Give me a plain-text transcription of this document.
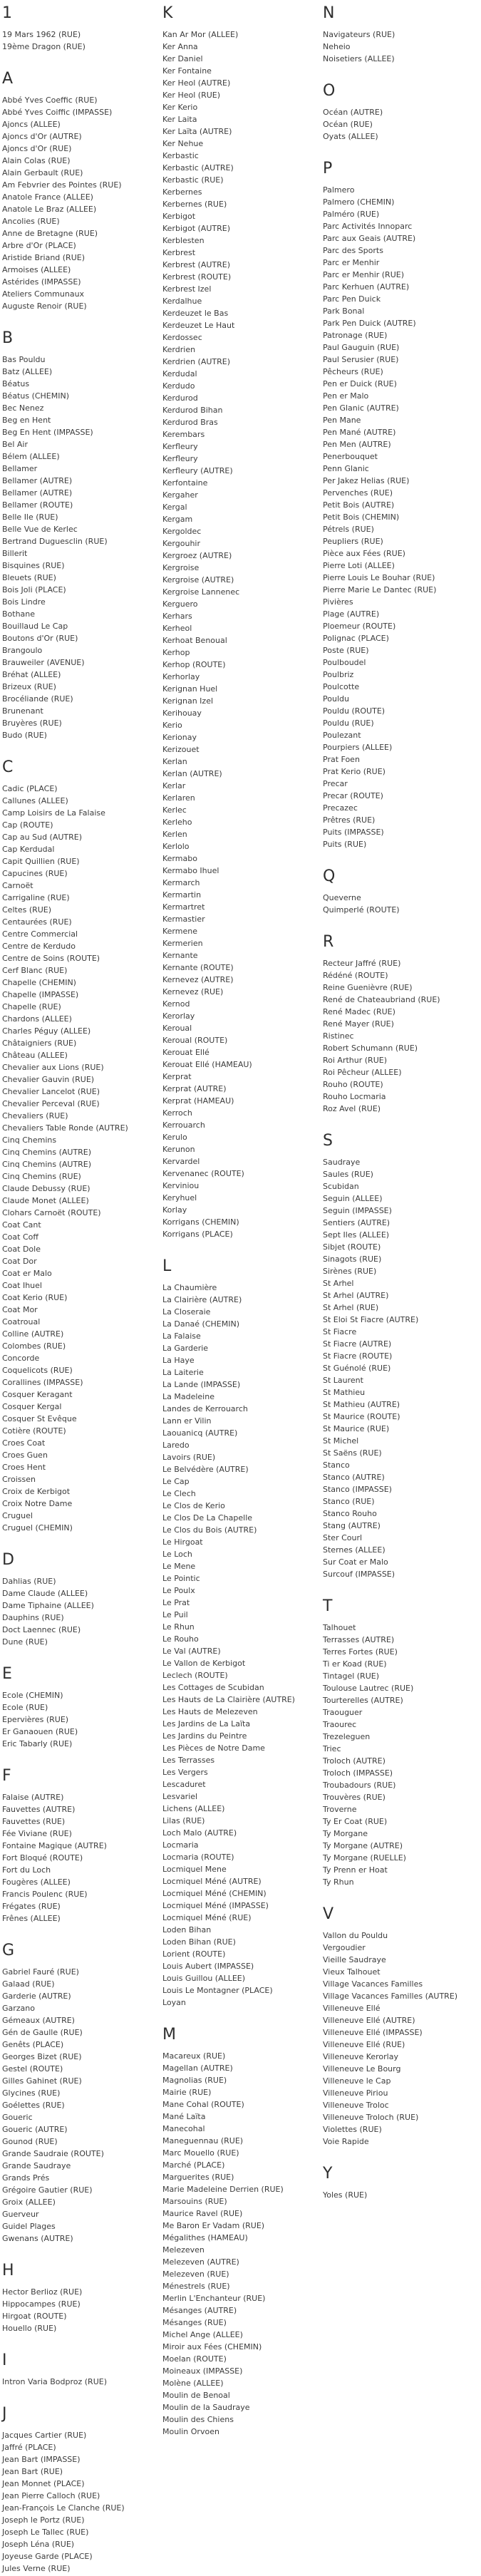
1
19 Mars 1962 (RUE)
19ème Dragon (RUE)
A
Abbé Yves Coeffic (RUE)
Abbé Yves Coiffic (IMPASSE)
Ajoncs (ALLEE)
Ajoncs d'Or (AUTRE)
Ajoncs d'Or (RUE)
Alain Colas (RUE)
Alain Gerbault (RUE)
Am Febvrier des Pointes (RUE)
Anatole France (ALLEE)
Anatole Le Braz (ALLEE)
Ancolies (RUE)
Anne de Bretagne (RUE)
Arbre d'Or (PLACE)
Aristide Briand (RUE)
Armoises (ALLEE)
Astérides (IMPASSE)
Ateliers Communaux
Auguste Renoir (RUE)
B
Bas Pouldu
Batz (ALLEE)
Béatus
Béatus (CHEMIN)
Bec Nenez
Beg en Hent
Beg En Hent (IMPASSE)
Bel Air
Bélem (ALLEE)
Bellamer
Bellamer (AUTRE)
Bellamer (AUTRE)
Bellamer (ROUTE)
Belle Ile (RUE)
Belle Vue de Kerlec
Bertrand Duguesclin (RUE)
Billerit
Bisquines (RUE)
Bleuets (RUE)
Bois Joli (PLACE)
Bois Lindre
Bothane
Bouillaud Le Cap
Boutons d'Or (RUE)
Brangoulo
Brauweiler (AVENUE)
Bréhat (ALLEE)
Brizeux (RUE)
Brocéliande (RUE)
Brunenant
Bruyères (RUE)
Budo (RUE)
C
Cadic (PLACE)
Callunes (ALLEE)
Camp Loisirs de La Falaise
Cap (ROUTE)
Cap au Sud (AUTRE)
Cap Kerdudal
Capit Quillien (RUE)
Capucines (RUE)
Carnoët
Carrigaline (RUE)
Celtes (RUE)
Centaurées (RUE)
Centre Commercial
Centre de Kerdudo
Centre de Soins (ROUTE)
Cerf Blanc (RUE)
Chapelle (CHEMIN)
Chapelle (IMPASSE)
Chapelle (RUE)
Chardons (ALLEE)
Charles Péguy (ALLEE)
Châtaigniers (RUE)
Château (ALLEE)
Chevalier aux Lions (RUE)
Chevalier Gauvin (RUE)
Chevalier Lancelot (RUE)
Chevalier Perceval (RUE)
Chevaliers (RUE)
Chevaliers Table Ronde (AUTRE)
Cinq Chemins
Cinq Chemins (AUTRE)
Cinq Chemins (AUTRE)
Cinq Chemins (RUE)
Claude Debussy (RUE)
Claude Monet (ALLEE)
Clohars Carnoët (ROUTE)
Coat Cant
Coat Coff
Coat Dole
Coat Dor
Coat er Malo
Coat Ihuel
Coat Kerio (RUE)
Coat Mor
Coatroual
Colline (AUTRE)
Colombes (RUE)
Concorde
Coquelicots (RUE)
Corallines (IMPASSE)
Cosquer Keragant
Cosquer Kergal
Cosquer St Evêque
Cotière (ROUTE)
Croes Coat
Croes Guen
Croes Hent
Croissen
Croix de Kerbigot
Croix Notre Dame
Cruguel
Cruguel (CHEMIN)
D
Dahlias (RUE)
Dame Claude (ALLEE)
Dame Tiphaine (ALLEE)
Dauphins (RUE)
Doct Laennec (RUE)
Dune (RUE)
E
Ecole (CHEMIN)
Ecole (RUE)
Epervières (RUE)
Er Ganaouen (RUE)
Eric Tabarly (RUE)
F
Falaise (AUTRE)
Fauvettes (AUTRE)
Fauvettes (RUE)
Fée Viviane (RUE)
Fontaine Magique (AUTRE)
Fort Bloqué (ROUTE)
Fort du Loch
Fougères (ALLEE)
Francis Poulenc (RUE)
Frégates (RUE)
Frênes (ALLEE)
G
Gabriel Fauré (RUE)
Galaad (RUE)
Garderie (AUTRE)
Garzano
Gémeaux (AUTRE)
Gén de Gaulle (RUE)
Genêts (PLACE)
Georges Bizet (RUE)
Gestel (ROUTE)
Gilles Gahinet (RUE)
Glycines (RUE)
Goélettes (RUE)
Goueric
Goueric (AUTRE)
Gounod (RUE)
Grande Saudraie (ROUTE)
Grande Saudraye
Grands Prés
Grégoire Gautier (RUE)
Groix (ALLEE)
Guerveur
Guidel Plages
Gwenans (AUTRE)
H
Hector Berlioz (RUE)
Hippocampes (RUE)
Hirgoat (ROUTE)
Houello (RUE)
I
Intron Varia Bodproz (RUE)
J
Jacques Cartier (RUE)
Jaffré (PLACE)
Jean Bart (IMPASSE)
Jean Bart (RUE)
Jean Monnet (PLACE)
Jean Pierre Calloch (RUE)
Jean-François Le Clanche (RUE)
Joseph le Portz (RUE)
Joseph Le Tallec (RUE)
Joseph Léna (RUE)
Joyeuse Garde (PLACE)
Jules Verne (RUE)
K
Kan Ar Mor (ALLEE)
Ker Anna
Ker Daniel
Ker Fontaine
Ker Heol (AUTRE)
Ker Heol (RUE)
Ker Kerio
Ker Laita
Ker Laïta (AUTRE)
Ker Nehue
Kerbastic
Kerbastic (AUTRE)
Kerbastic (RUE)
Kerbernes
Kerbernes (RUE)
Kerbigot
Kerbigot (AUTRE)
Kerblesten
Kerbrest
Kerbrest (AUTRE)
Kerbrest (ROUTE)
Kerbrest Izel
Kerdalhue
Kerdeuzet le Bas
Kerdeuzet Le Haut
Kerdossec
Kerdrien
Kerdrien (AUTRE)
Kerdudal
Kerdudo
Kerdurod
Kerdurod Bihan
Kerdurod Bras
Kerembars
Kerfleury
Kerfleury
Kerfleury (AUTRE)
Kerfontaine
Kergaher
Kergal
Kergam
Kergoldec
Kergouhir
Kergroez (AUTRE)
Kergroise
Kergroise (AUTRE)
Kergroise Lannenec
Kerguero
Kerhars
Kerheol
Kerhoat Benoual
Kerhop
Kerhop (ROUTE)
Kerhorlay
Kerignan Huel
Kerignan Izel
Kerihouay
Kerio
Kerionay
Kerizouet
Kerlan
Kerlan (AUTRE)
Kerlar
Kerlaren
Kerlec
Kerleho
Kerlen
Kerlolo
Kermabo
Kermabo Ihuel
Kermarch
Kermartin
Kermartret
Kermastier
Kermene
Kermerien
Kernante
Kernante (ROUTE)
Kernevez (AUTRE)
Kernevez (RUE)
Kernod
Kerorlay
Keroual
Keroual (ROUTE)
Kerouat Ellé
Kerouat Ellé (HAMEAU)
Kerprat
Kerprat (AUTRE)
Kerprat (HAMEAU)
Kerroch
Kerrouarch
Kerulo
Kerunon
Kervardel
Kervenanec (ROUTE)
Kerviniou
Keryhuel
Korlay
Korrigans (CHEMIN)
Korrigans (PLACE)
L
La Chaumière
La Clairière (AUTRE)
La Closeraie
La Danaé (CHEMIN)
La Falaise
La Garderie
La Haye
La Laiterie
La Lande (IMPASSE)
La Madeleine
Landes de Kerrouarch
Lann er Vilin
Laouanicq (AUTRE)
Laredo
Lavoirs (RUE)
Le Belvédère (AUTRE)
Le Cap
Le Clech
Le Clos de Kerio
Le Clos De La Chapelle
Le Clos du Bois (AUTRE)
Le Hirgoat
Le Loch
Le Mene
Le Pointic
Le Poulx
Le Prat
Le Puil
Le Rhun
Le Rouho
Le Val (AUTRE)
Le Vallon de Kerbigot
Leclech (ROUTE)
Les Cottages de Scubidan
Les Hauts de La Clairière (AUTRE)
Les Hauts de Melezeven
Les Jardins de La Laïta
Les Jardins du Peintre
Les Pièces de Notre Dame
Les Terrasses
Les Vergers
Lescaduret
Lesvariel
Lichens (ALLEE)
Lilas (RUE)
Loch Malo (AUTRE)
Locmaria
Locmaria (ROUTE)
Locmiquel Mene
Locmiquel Méné (AUTRE)
Locmiquel Méné (CHEMIN)
Locmiquel Méné (IMPASSE)
Locmiquel Méné (RUE)
Loden Bihan
Loden Bihan (RUE)
Lorient (ROUTE)
Louis Aubert (IMPASSE)
Louis Guillou (ALLEE)
Louis Le Montagner (PLACE)
Loyan
M
Macareux (RUE)
Magellan (AUTRE)
Magnolias (RUE)
Mairie (RUE)
Mane Cohal (ROUTE)
Mané Laïta
Manecohal
Maneguennau (RUE)
Marc Mouello (RUE)
Marché (PLACE)
Marguerites (RUE)
Marie Madeleine Derrien (RUE)
Marsouins (RUE)
Maurice Ravel (RUE)
Me Baron Er Vadam (RUE)
Mégalithes (HAMEAU)
Melezeven
Melezeven (AUTRE)
Melezeven (RUE)
Ménestrels (RUE)
Merlin L'Enchanteur (RUE)
Mésanges (AUTRE)
Mésanges (RUE)
Michel Ange (ALLEE)
Miroir aux Fées (CHEMIN)
Moelan (ROUTE)
Moineaux (IMPASSE)
Molène (ALLEE)
Moulin de Benoal
Moulin de la Saudraye
Moulin des Chiens
Moulin Orvoen
N
Navigateurs (RUE)
Neheio
Noisetiers (ALLEE)
O
Océan (AUTRE)
Océan (RUE)
Oyats (ALLEE)
P
Palmero
Palmero (CHEMIN)
Palméro (RUE)
Parc Activités Innoparc
Parc aux Geais (AUTRE)
Parc des Sports
Parc er Menhir
Parc er Menhir (RUE)
Parc Kerhuen (AUTRE)
Parc Pen Duick
Park Bonal
Park Pen Duick (AUTRE)
Patronage (RUE)
Paul Gauguin (RUE)
Paul Serusier (RUE)
Pêcheurs (RUE)
Pen er Duick (RUE)
Pen er Malo
Pen Glanic (AUTRE)
Pen Mane
Pen Mané (AUTRE)
Pen Men (AUTRE)
Penerbouquet
Penn Glanic
Per Jakez Helias (RUE)
Pervenches (RUE)
Petit Bois (AUTRE)
Petit Bois (CHEMIN)
Pétrels (RUE)
Peupliers (RUE)
Pièce aux Fées (RUE)
Pierre Loti (ALLEE)
Pierre Louis Le Bouhar (RUE)
Pierre Marie Le Dantec (RUE)
Pivières
Plage (AUTRE)
Ploemeur (ROUTE)
Polignac (PLACE)
Poste (RUE)
Poulboudel
Poulbriz
Poulcotte
Pouldu
Pouldu (ROUTE)
Pouldu (RUE)
Poulezant
Pourpiers (ALLEE)
Prat Foen
Prat Kerio (RUE)
Precar
Precar (ROUTE)
Precazec
Prêtres (RUE)
Puits (IMPASSE)
Puits (RUE)
Q
Queverne
Quimperlé (ROUTE)
R
Recteur Jaffré (RUE)
Rédéné (ROUTE)
Reine Guenièvre (RUE)
René de Chateaubriand (RUE)
René Madec (RUE)
René Mayer (RUE)
Ristinec
Robert Schumann (RUE)
Roi Arthur (RUE)
Roi Pêcheur (ALLEE)
Rouho (ROUTE)
Rouho Locmaria
Roz Avel (RUE)
S
Saudraye
Saules (RUE)
Scubidan
Seguin (ALLEE)
Seguin (IMPASSE)
Sentiers (AUTRE)
Sept Iles (ALLEE)
Sibjet (ROUTE)
Sinagots (RUE)
Sirènes (RUE)
St Arhel
St Arhel (AUTRE)
St Arhel (RUE)
St Eloi St Fiacre (AUTRE)
St Fiacre
St Fiacre (AUTRE)
St Fiacre (ROUTE)
St Guénolé (RUE)
St Laurent
St Mathieu
St Mathieu (AUTRE)
St Maurice (ROUTE)
St Maurice (RUE)
St Michel
St Saëns (RUE)
Stanco
Stanco (AUTRE)
Stanco (IMPASSE)
Stanco (RUE)
Stanco Rouho
Stang (AUTRE)
Ster Courl
Sternes (ALLEE)
Sur Coat er Malo
Surcouf (IMPASSE)
T
Talhouet
Terrasses (AUTRE)
Terres Fortes (RUE)
Ti er Koad (RUE)
Tintagel (RUE)
Toulouse Lautrec (RUE)
Tourterelles (AUTRE)
Traouguer
Traourec
Trezeleguen
Triec
Troloch (AUTRE)
Troloch (IMPASSE)
Troubadours (RUE)
Trouvères (RUE)
Troverne
Ty Er Coat (RUE)
Ty Morgane
Ty Morgane (AUTRE)
Ty Morgane (RUELLE)
Ty Prenn er Hoat
Ty Rhun
V
Vallon du Pouldu
Vergoudier
Vieille Saudraye
Vieux Talhouet
Village Vacances Familles
Village Vacances Familles (AUTRE)
Villeneuve Ellé
Villeneuve Ellé (AUTRE)
Villeneuve Ellé (IMPASSE)
Villeneuve Ellé (RUE)
Villeneuve Kerorlay
Villeneuve Le Bourg
Villeneuve le Cap
Villeneuve Piriou
Villeneuve Troloc
Villeneuve Troloch (RUE)
Violettes (RUE)
Voie Rapide
Y
Yoles (RUE)
